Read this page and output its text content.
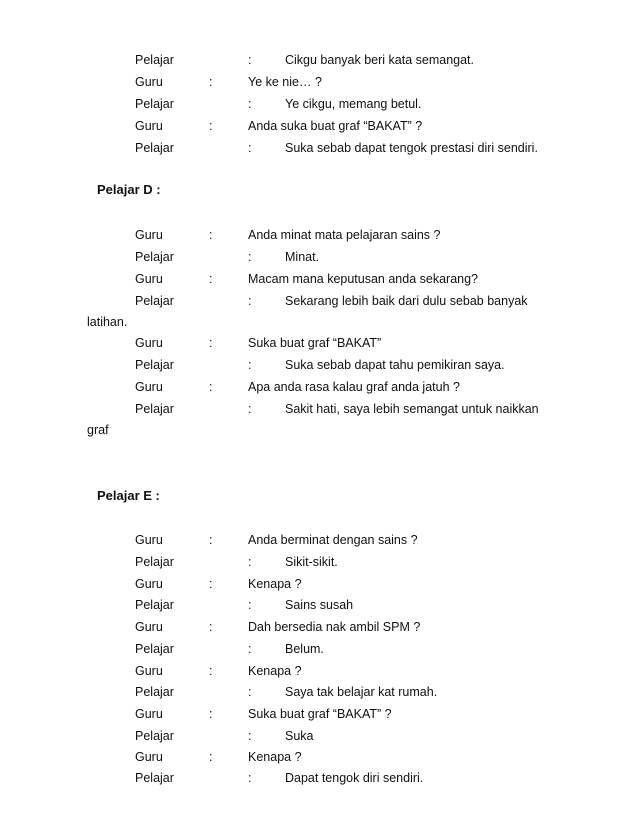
Pelajar	:	Cikgu banyak beri kata semangat.
Guru	:	Ye ke nie… ?
Pelajar	:	Ye cikgu, memang betul.
Guru	:	Anda suka buat graf “BAKAT” ?
Pelajar	:	Suka sebab dapat tengok prestasi diri sendiri.
Pelajar D :
Guru	:	Anda minat mata pelajaran sains ?
Pelajar	:	Minat.
Guru	:	Macam mana keputusan anda sekarang?
Pelajar	:	Sekarang lebih baik dari dulu sebab banyak
latihan.
Guru	:	Suka buat graf “BAKAT”
Pelajar	:	Suka sebab dapat tahu pemikiran saya.
Guru	:	Apa anda rasa kalau graf anda jatuh ?
Pelajar	:	Sakit hati, saya lebih semangat untuk naikkan
graf
Pelajar E :
Guru	:	Anda berminat dengan sains ?
Pelajar	:	Sikit-sikit.
Guru	:	Kenapa ?
Pelajar	:	Sains susah
Guru	:	Dah bersedia nak ambil SPM ?
Pelajar	:	Belum.
Guru	:	Kenapa ?
Pelajar	:	Saya tak belajar kat rumah.
Guru	:	Suka buat graf “BAKAT” ?
Pelajar	:	Suka
Guru	:	Kenapa ?
Pelajar	:	Dapat tengok diri sendiri.
